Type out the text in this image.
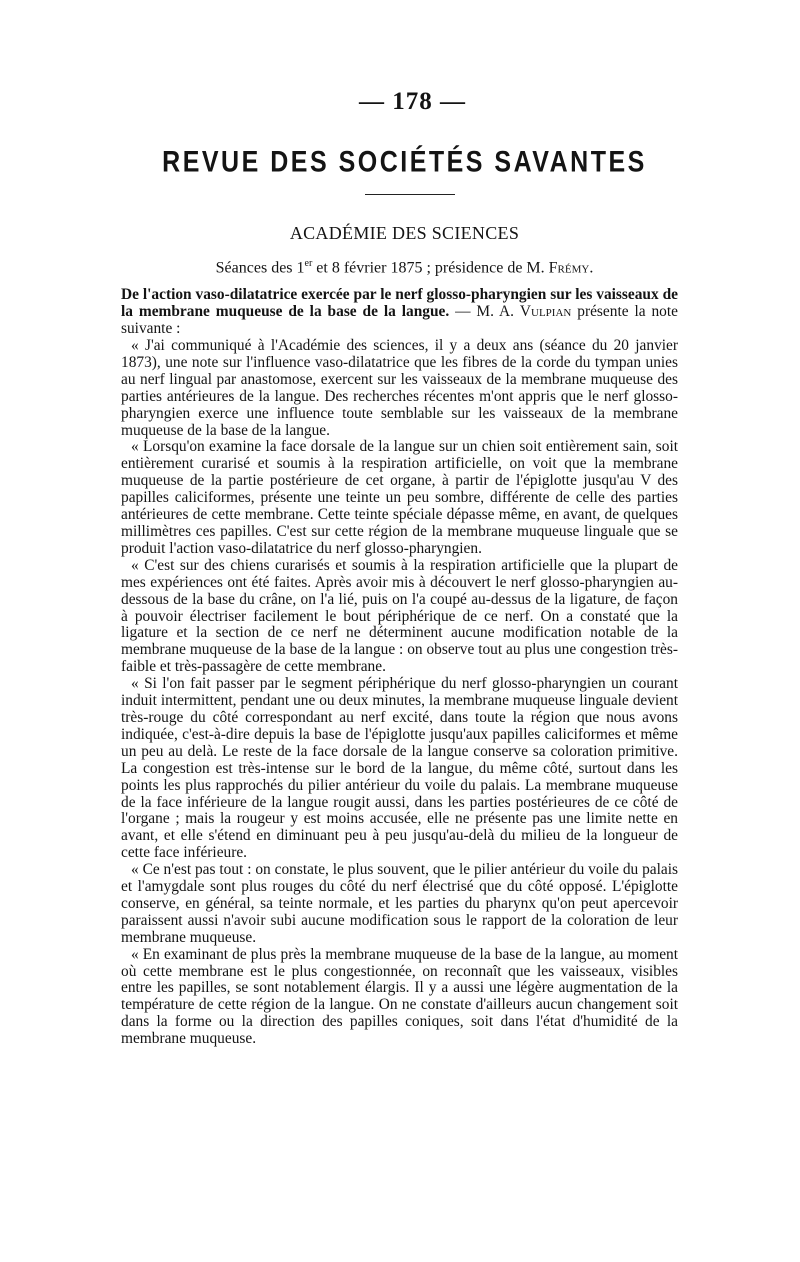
— 178 —
REVUE DES SOCIÉTÉS SAVANTES
ACADÉMIE DES SCIENCES
Séances des 1er et 8 février 1875 ; présidence de M. Frémy.

De l'action vaso-dilatatrice exercée par le nerf glosso-pharyngien sur les vaisseaux de la membrane muqueuse de la base de la langue. — M. A. Vulpian présente la note suivante :

« J'ai communiqué à l'Académie des sciences, il y a deux ans (séance du 20 janvier 1873), une note sur l'influence vaso-dilatatrice que les fibres de la corde du tympan unies au nerf lingual par anastomose, exercent sur les vaisseaux de la membrane muqueuse des parties antérieures de la langue. Des recherches récentes m'ont appris que le nerf glosso-pharyngien exerce une influence toute semblable sur les vaisseaux de la membrane muqueuse de la base de la langue.

« Lorsqu'on examine la face dorsale de la langue sur un chien soit entièrement sain, soit entièrement curarisé et soumis à la respiration artificielle, on voit que la membrane muqueuse de la partie postérieure de cet organe, à partir de l'épiglotte jusqu'au V des papilles caliciformes, présente une teinte un peu sombre, différente de celle des parties antérieures de cette membrane. Cette teinte spéciale dépasse même, en avant, de quelques millimètres ces papilles. C'est sur cette région de la membrane muqueuse linguale que se produit l'action vaso-dilatatrice du nerf glosso-pharyngien.

« C'est sur des chiens curarisés et soumis à la respiration artificielle que la plupart de mes expériences ont été faites. Après avoir mis à découvert le nerf glosso-pharyngien au-dessous de la base du crâne, on l'a lié, puis on l'a coupé au-dessus de la ligature, de façon à pouvoir électriser facilement le bout périphérique de ce nerf. On a constaté que la ligature et la section de ce nerf ne déterminent aucune modification notable de la membrane muqueuse de la base de la langue : on observe tout au plus une congestion très-faible et très-passagère de cette membrane.

« Si l'on fait passer par le segment périphérique du nerf glosso-pharyngien un courant induit intermittent, pendant une ou deux minutes, la membrane muqueuse linguale devient très-rouge du côté correspondant au nerf excité, dans toute la région que nous avons indiquée, c'est-à-dire depuis la base de l'épiglotte jusqu'aux papilles caliciformes et même un peu au delà. Le reste de la face dorsale de la langue conserve sa coloration primitive. La congestion est très-intense sur le bord de la langue, du même côté, surtout dans les points les plus rapprochés du pilier antérieur du voile du palais. La membrane muqueuse de la face inférieure de la langue rougit aussi, dans les parties postérieures de ce côté de l'organe ; mais la rougeur y est moins accusée, elle ne présente pas une limite nette en avant, et elle s'étend en diminuant peu à peu jusqu'au-delà du milieu de la longueur de cette face inférieure.

« Ce n'est pas tout : on constate, le plus souvent, que le pilier antérieur du voile du palais et l'amygdale sont plus rouges du côté du nerf électrisé que du côté opposé. L'épiglotte conserve, en général, sa teinte normale, et les parties du pharynx qu'on peut apercevoir paraissent aussi n'avoir subi aucune modification sous le rapport de la coloration de leur membrane muqueuse.

« En examinant de plus près la membrane muqueuse de la base de la langue, au moment où cette membrane est le plus congestionnée, on reconnaît que les vaisseaux, visibles entre les papilles, se sont notablement élargis. Il y a aussi une légère augmentation de la température de cette région de la langue. On ne constate d'ailleurs aucun changement soit dans la forme ou la direction des papilles coniques, soit dans l'état d'humidité de la membrane muqueuse.
